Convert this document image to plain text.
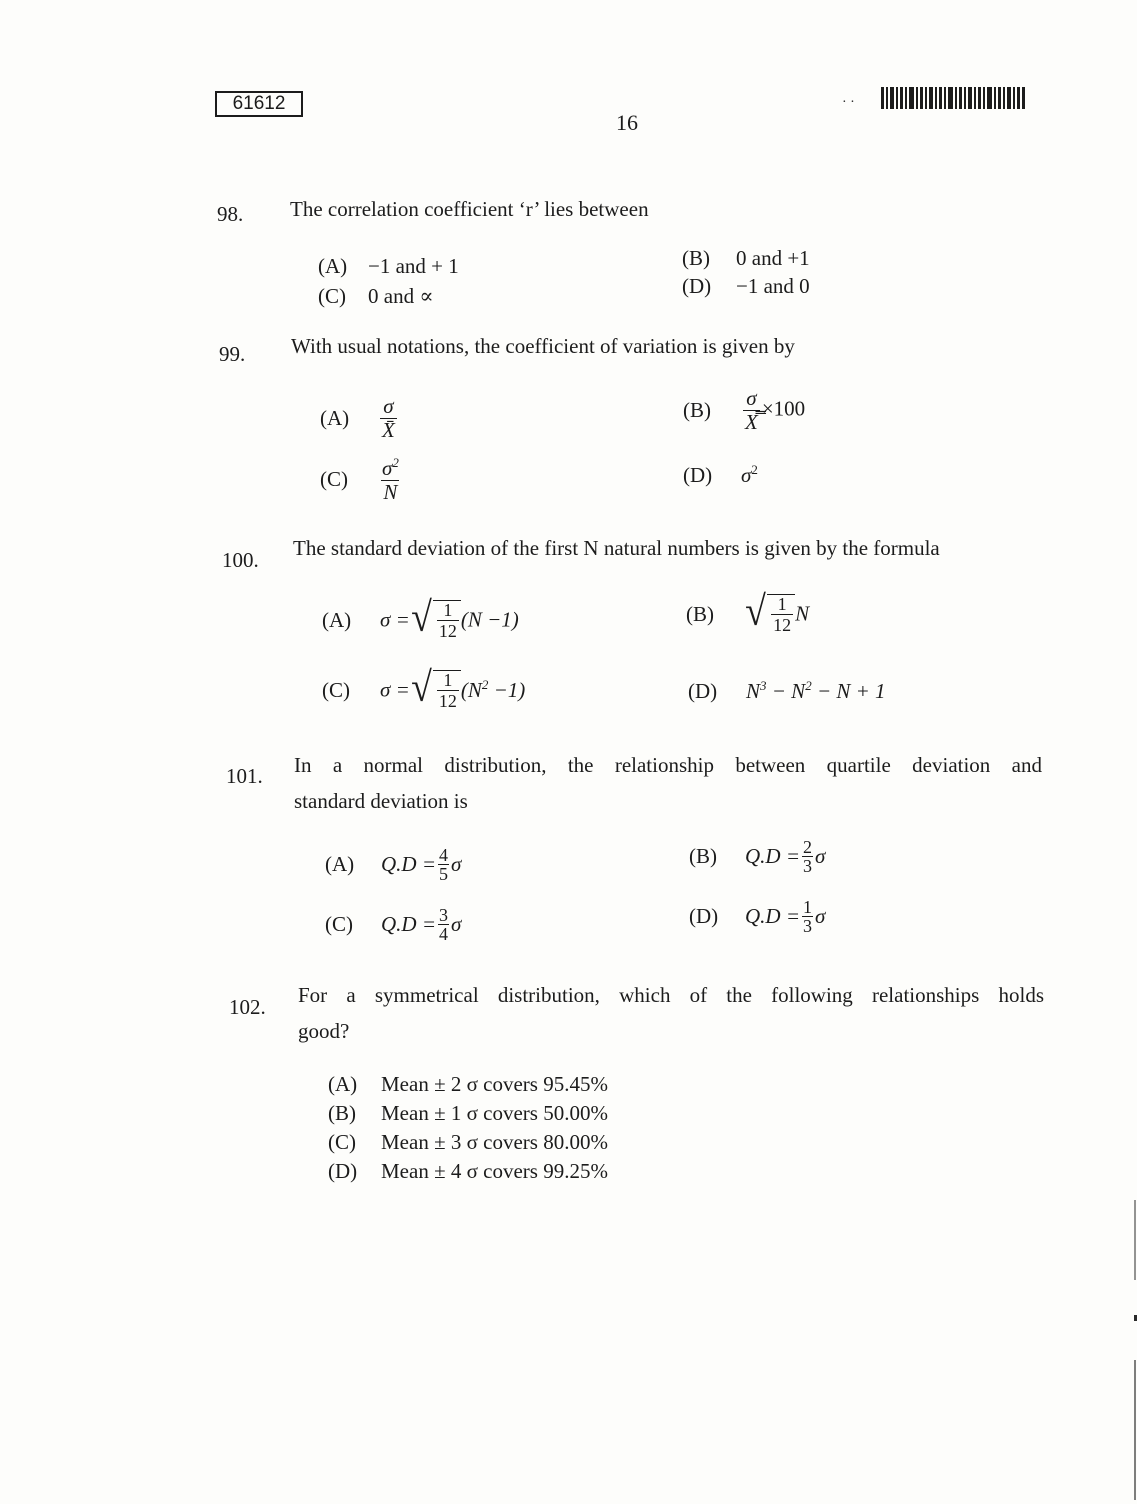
61612
16
· ·
98. The correlation coefficient ‘r’ lies between
(A) −1 and + 1	(B) 0 and +1
(C) 0 and ∝	(D) −1 and 0
99. With usual notations, the coefficient of variation is given by
$(A) \frac{\sigma}{X̄}$	$(B) \frac{\sigma}{X̿} \times 100$
$(C) \frac{\sigma^2}{N}$	(D) $\sigma^2$
100. The standard deviation of the first N natural numbers is given by the formula
(A) σ = √ $\frac{1}{12} (N -1)$	(B) √ $\frac{1}{12}$ N
(C) σ = √ $\frac{1}{12} (N^2 -1)$	(D) $N^3 - N^2 - N + 1$
101. In a normal distribution, the relationship between quartile deviation and
standard deviation is
(A) $Q.D = \frac{4}{5}$ σ	(B) $Q.D = \frac{2}{3}$ σ
(C) $Q.D = \frac{3}{4}$ σ	(D) $Q.D = \frac{1}{3}$ σ
102. For a symmetrical distribution, which of the following relationships holds
good?
(A) Mean ± 2 σ covers 95.45%
(B) Mean ± 1 σ covers 50.00%
(C) Mean ± 3 σ covers 80.00%
(D) Mean ± 4 σ covers 99.25%
